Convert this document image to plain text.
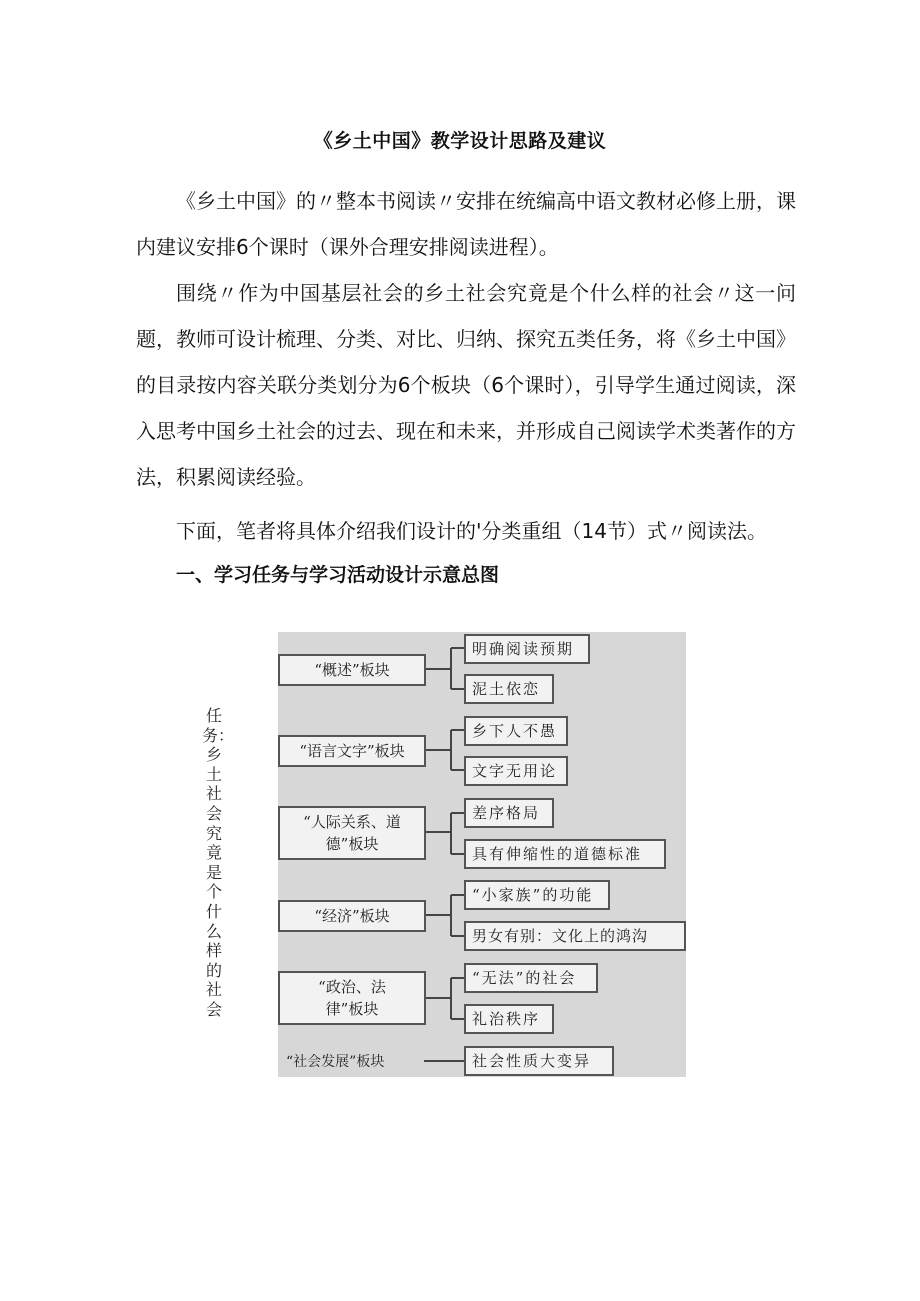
《乡土中国》教学设计思路及建议

《乡土中国》的〃整本书阅读〃安排在统编高中语文教材必修上册，课内建议安排6个课时（课外合理安排阅读进程）。

围绕〃作为中国基层社会的乡土社会究竟是个什么样的社会〃这一问题，教师可设计梳理、分类、对比、归纳、探究五类任务，将《乡土中国》的目录按内容关联分类划分为6个板块（6个课时），引导学生通过阅读，深入思考中国乡土社会的过去、现在和未来，并形成自己阅读学术类著作的方法，积累阅读经验。

下面，笔者将具体介绍我们设计的'分类重组（14节）式〃阅读法。

一、学习任务与学习活动设计示意总图
任务：乡土社会究竟是个什么样的社会
“概述”板块
明确阅读预期
泥土依恋
“语言文字”板块
乡下人不愚
文字无用论
“人际关系、道德”板块
差序格局
具有伸缩性的道德标准
“经济”板块
“小家族”的功能
男女有别：文化上的鸿沟
“政治、法律”板块
“无法”的社会
礼治秩序
“社会发展”板块	社会性质大变异
